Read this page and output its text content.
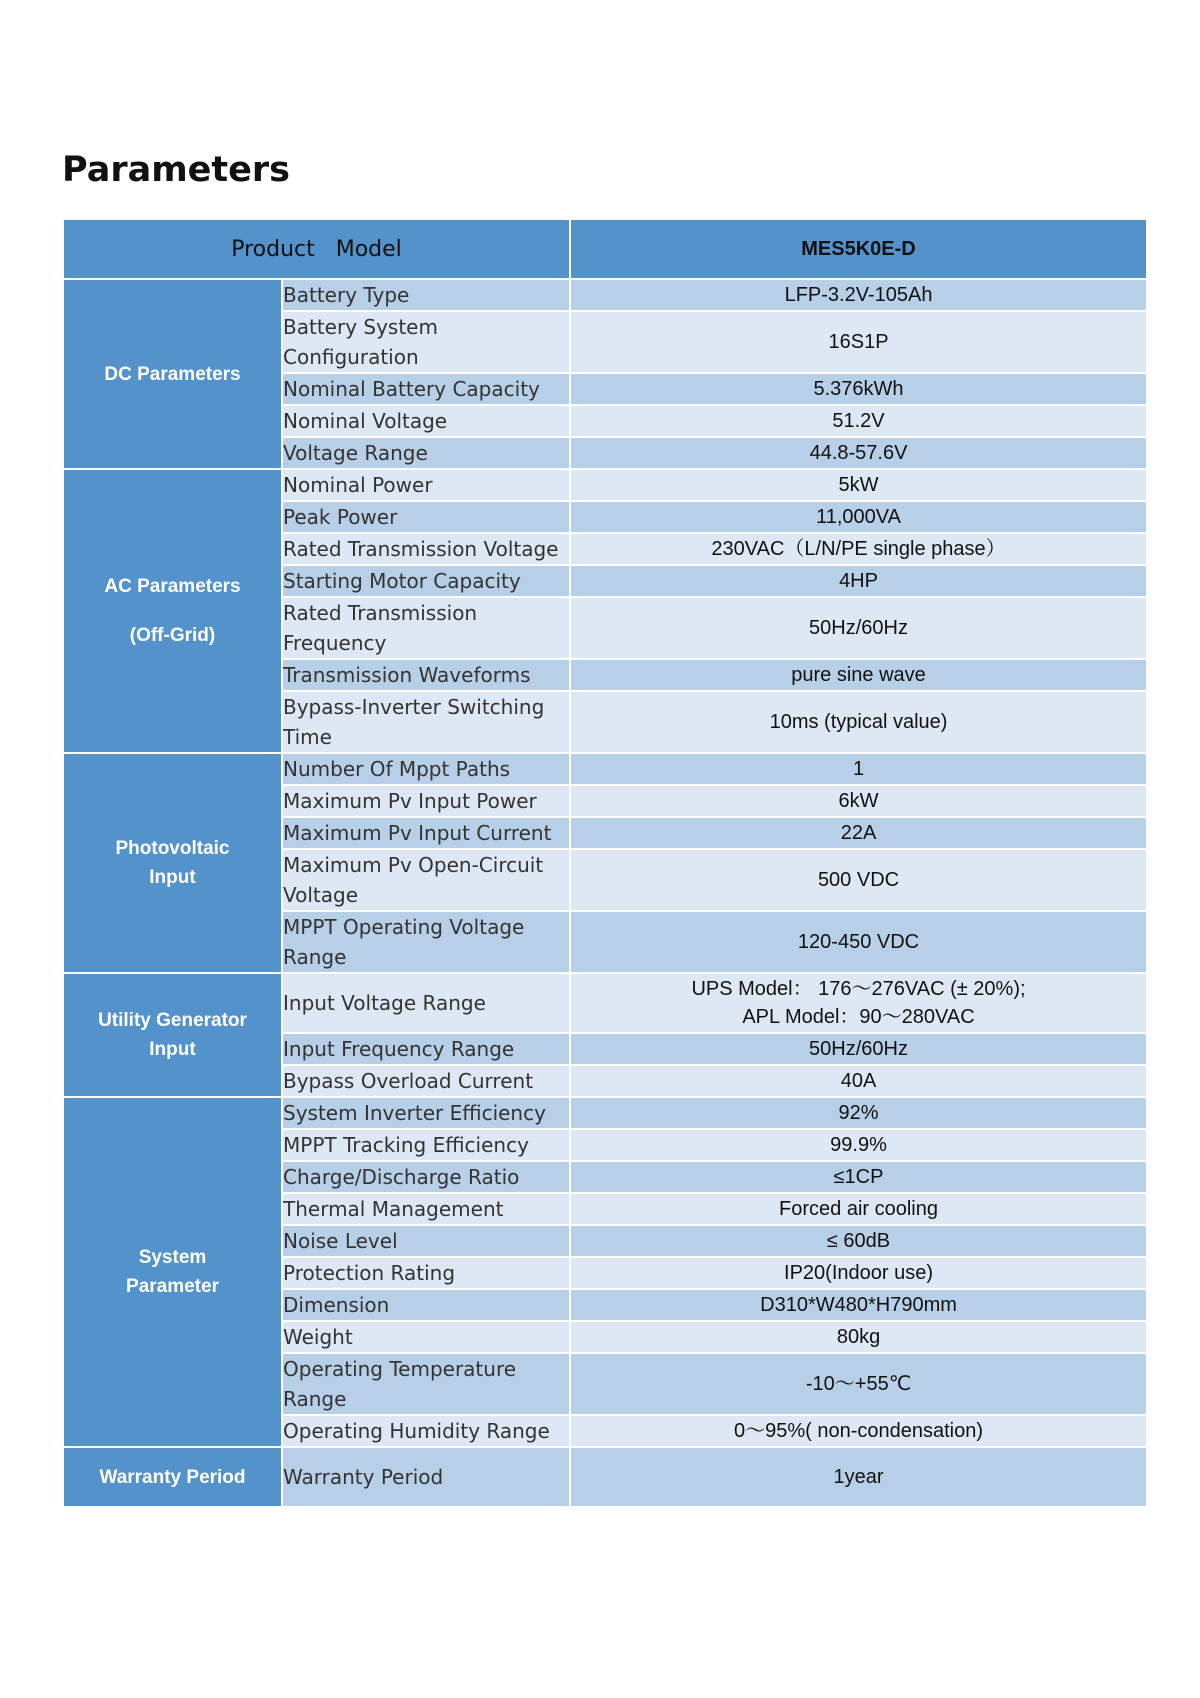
Parameters
Product   Model		MES5K0E-D
DC Parameters	Battery Type	LFP-3.2V-105Ah
	Battery System Configuration	16S1P
	Nominal Battery Capacity	5.376kWh
	Nominal Voltage	51.2V
	Voltage Range	44.8-57.6V
AC Parameters
(Off-Grid)	Nominal Power	5kW
	Peak Power	11,000VA
	Rated Transmission Voltage	230VAC（L/N/PE single phase）
	Starting Motor Capacity	4HP
	Rated Transmission Frequency	50Hz/60Hz
	Transmission Waveforms	pure sine wave
	Bypass-Inverter Switching Time	10ms (typical value)
Photovoltaic Input	Number Of Mppt Paths	1
	Maximum Pv Input Power	6kW
	Maximum Pv Input Current	22A
	Maximum Pv Open-Circuit Voltage	500 VDC
	MPPT Operating Voltage Range	120-450 VDC
Utility Generator Input	Input Voltage Range	UPS Model： 176～276VAC (± 20%);
APL Model：90～280VAC

	Input Frequency Range	50Hz/60Hz
	Bypass Overload Current	40A
System Parameter	System Inverter Efficiency	92%
	MPPT Tracking Efficiency	99.9%
	Charge/Discharge Ratio	≤1CP
	Thermal Management	Forced air cooling
	Noise Level	≤ 60dB
	Protection Rating	IP20(Indoor use)
	Dimension	D310*W480*H790mm
	Weight	80kg
	Operating Temperature Range	-10～+55℃
	Operating Humidity Range	0～95%( non-condensation)
Warranty Period	Warranty Period	1year
